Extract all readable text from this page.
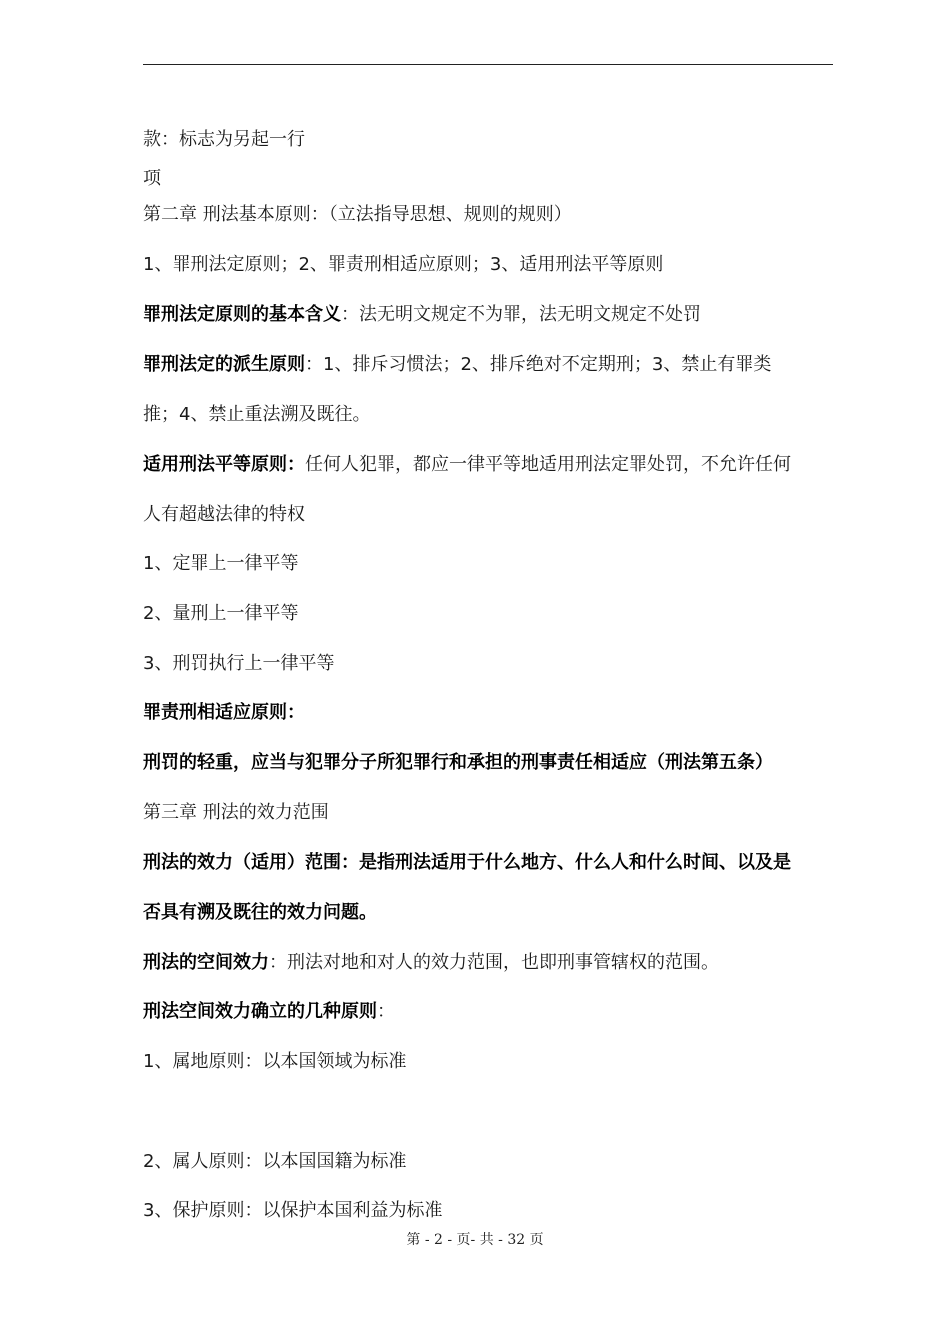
款：标志为另起一行
项
第二章 刑法基本原则：（立法指导思想、规则的规则）
1、罪刑法定原则；2、罪责刑相适应原则；3、适用刑法平等原则
罪刑法定原则的基本含义：法无明文规定不为罪，法无明文规定不处罚
罪刑法定的派生原则：1、排斥习惯法；2、排斥绝对不定期刑；3、禁止有罪类
推；4、禁止重法溯及既往。
适用刑法平等原则：任何人犯罪，都应一律平等地适用刑法定罪处罚，不允许任何
人有超越法律的特权
1、定罪上一律平等
2、量刑上一律平等
3、刑罚执行上一律平等
罪责刑相适应原则：
刑罚的轻重，应当与犯罪分子所犯罪行和承担的刑事责任相适应（刑法第五条）
第三章 刑法的效力范围
刑法的效力（适用）范围：是指刑法适用于什么地方、什么人和什么时间、以及是
否具有溯及既往的效力问题。
刑法的空间效力：刑法对地和对人的效力范围，也即刑事管辖权的范围。
刑法空间效力确立的几种原则：
1、属地原则：以本国领域为标准
2、属人原则：以本国国籍为标准
3、保护原则：以保护本国利益为标准
第 - 2 - 页- 共 - 32 页
